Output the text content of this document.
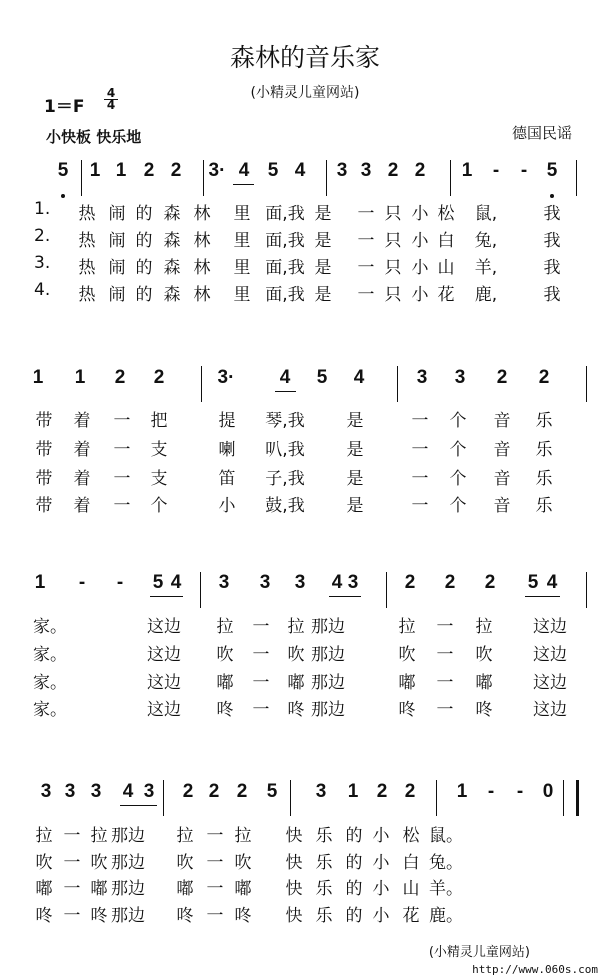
森林的音乐家
(小精灵儿童网站)
1＝F
4
4
小快板 快乐地	德国民谣
5 1 1 2 2 3· 4 5 4 3 3 2 2 1 - - 5
1. 热 闹 的 森 林 里 面,我 是 一 只 小 松 鼠,	我
2. 热 闹 的 森 林 里 面,我 是 一 只 小 白 兔,	我
3. 热 闹 的 森 林 里 面,我 是 一 只 小 山 羊,	我
4. 热 闹 的 森 林 里 面,我 是 一 只 小 花 鹿,	我
1 1 2 2	3· 4 5 4	3 3 2 2
带 着 一 把	提 琴,我 是	一 个 音 乐
带 着 一 支	喇 叭,我 是	一 个 音 乐
带 着 一 支	笛 子,我 是	一 个 音 乐
带 着 一 个	小 鼓,我 是	一 个 音 乐
1 - - 5 4 3 3 3 4 3 2 2 2 5 4
家。	这边 拉 一 拉 那边	拉 一 拉 这边
家。	这边 吹 一 吹 那边	吹 一 吹 这边
家。	这边 嘟 一 嘟 那边	嘟 一 嘟 这边
家。	这边 咚 一 咚 那边	咚 一 咚 这边
3 3 3 4 3 2 2 2 5 3 1 2 2 1 - - 0
拉 一 拉 那边 拉 一 拉 快 乐 的 小 松 鼠。
吹 一 吹 那边 吹 一 吹 快 乐 的 小 白 兔。
嘟 一 嘟 那边 嘟 一 嘟 快 乐 的 小 山 羊。
咚 一 咚 那边 咚 一 咚 快 乐 的 小 花 鹿。
(小精灵儿童网站)
http://www.060s.com
